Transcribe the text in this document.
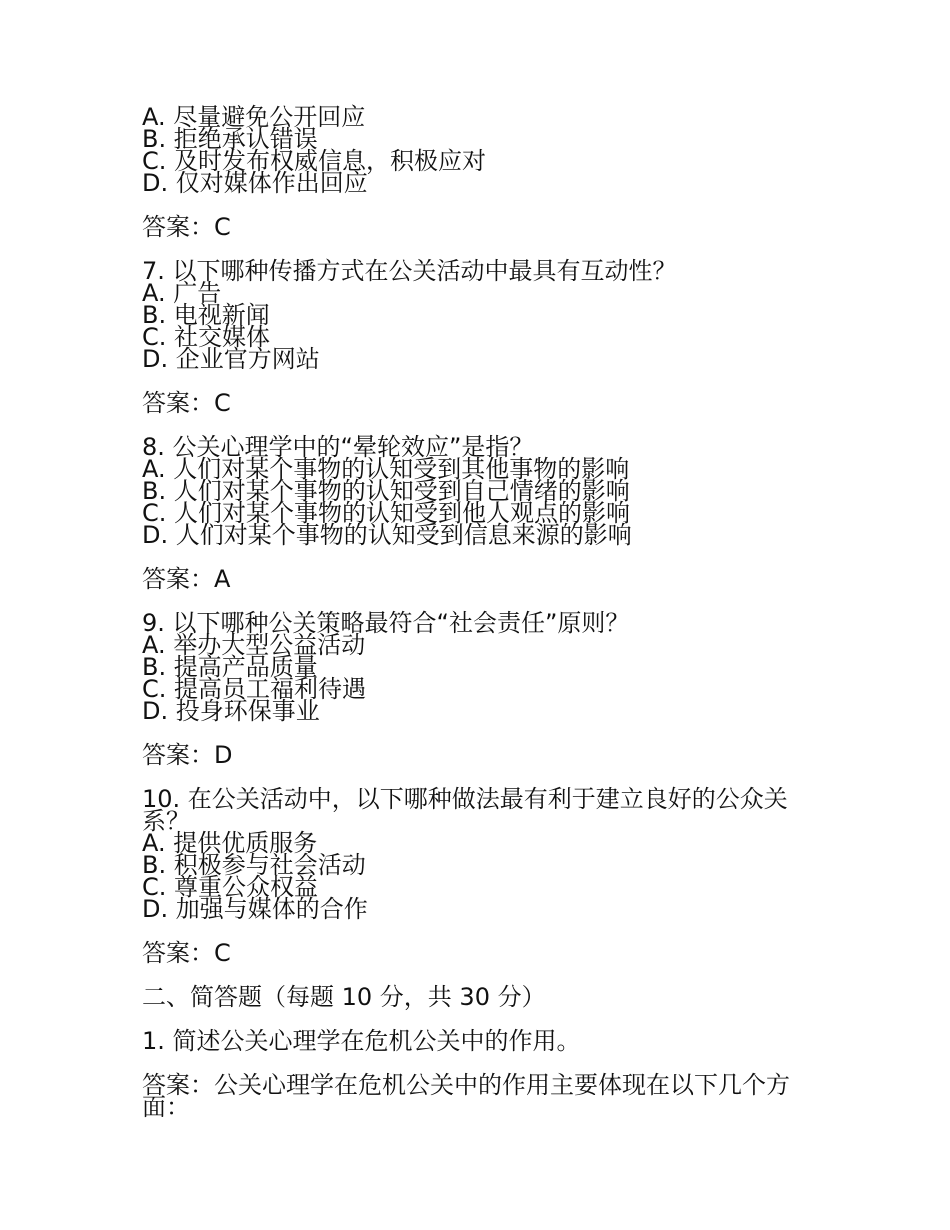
A. 尽量避免公开回应
B. 拒绝承认错误
C. 及时发布权威信息，积极应对
D. 仅对媒体作出回应
答案：C
7. 以下哪种传播方式在公关活动中最具有互动性？
A. 广告
B. 电视新闻
C. 社交媒体
D. 企业官方网站
答案：C
8. 公关心理学中的“晕轮效应”是指？
A. 人们对某个事物的认知受到其他事物的影响
B. 人们对某个事物的认知受到自己情绪的影响
C. 人们对某个事物的认知受到他人观点的影响
D. 人们对某个事物的认知受到信息来源的影响
答案：A
9. 以下哪种公关策略最符合“社会责任”原则？
A. 举办大型公益活动
B. 提高产品质量
C. 提高员工福利待遇
D. 投身环保事业
答案：D
10. 在公关活动中，以下哪种做法最有利于建立良好的公众关系？
A. 提供优质服务
B. 积极参与社会活动
C. 尊重公众权益
D. 加强与媒体的合作
答案：C
二、简答题（每题 10 分，共 30 分）
1. 简述公关心理学在危机公关中的作用。
答案：公关心理学在危机公关中的作用主要体现在以下几个方面：
